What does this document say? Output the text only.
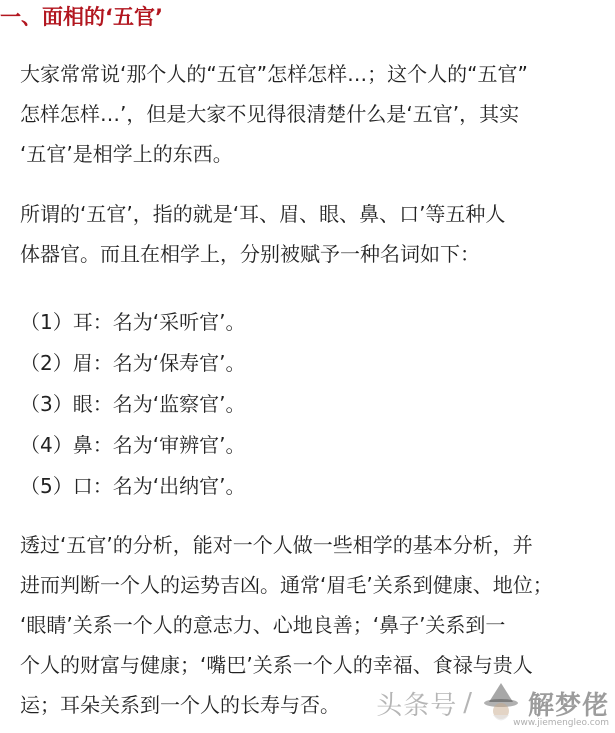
一、面相的‘五官’

大家常常说‘那个人的“五官”怎样怎样…；这个人的“五官”
怎样怎样…’，但是大家不见得很清楚什么是‘五官’，其实
‘五官’是相学上的东西。

所谓的‘五官’，指的就是‘耳、眉、眼、鼻、口’等五种人
体器官。而且在相学上，分别被赋予一种名词如下：

（1）耳：名为‘采听官’。
（2）眉：名为‘保寿官’。
（3）眼：名为‘监察官’。
（4）鼻：名为‘审辨官’。
（5）口：名为‘出纳官’。

透过‘五官’的分析，能对一个人做一些相学的基本分析，并
进而判断一个人的运势吉凶。通常‘眉毛’关系到健康、地位；
‘眼睛’关系一个人的意志力、心地良善；‘鼻子’关系到一
个人的财富与健康；‘嘴巴’关系一个人的幸福、食禄与贵人
运；耳朵关系到一个人的长寿与否。	头条号 / 解梦佬
www.jiemengleo.com
